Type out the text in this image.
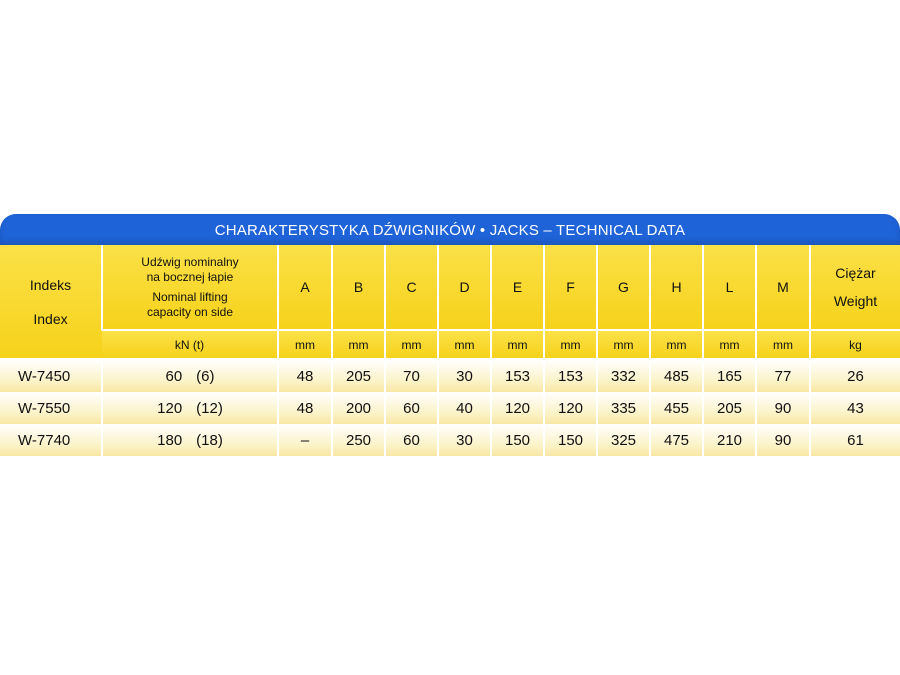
CHARAKTERYSTYKA DŹWIGNIKÓW • JACKS – TECHNICAL DATA
Indeks
Index	Udźwig nominalny
na bocznej łapie
Nominal lifting
capacity on side	A	B	C	D	E	F	G	H	L	M	Ciężar
Weight

	kN (t)	mm	mm	mm	mm	mm	mm	mm	mm	mm	mm	kg
W-7450	60 (6)	48	205	70	30	153	153	332	485	165	77	26
W-7550	120 (12)	48	200	60	40	120	120	335	455	205	90	43
W-7740	180 (18)	–	250	60	30	150	150	325	475	210	90	61
